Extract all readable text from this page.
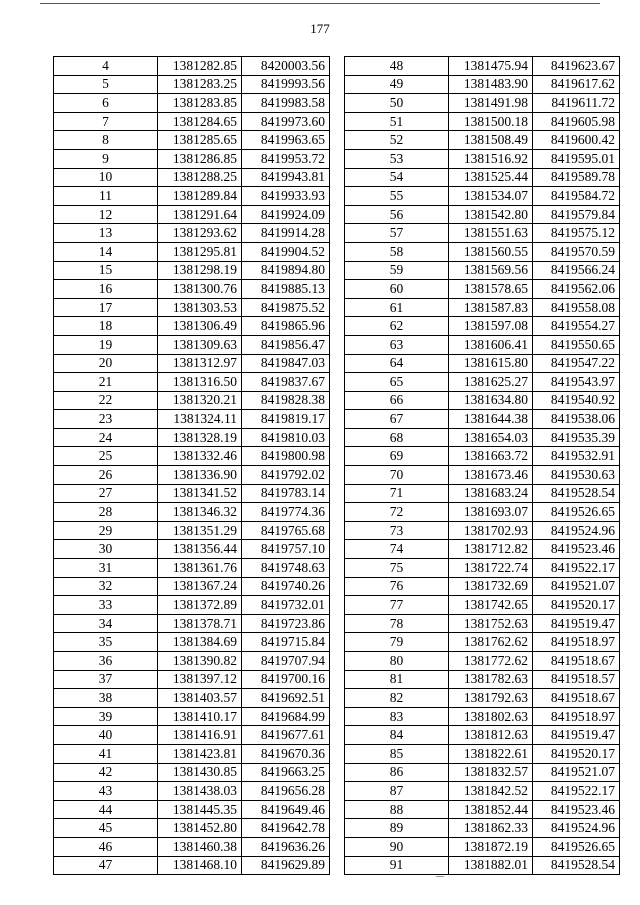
177
4	1381282.85	8420003.56
5	1381283.25	8419993.56
6	1381283.85	8419983.58
7	1381284.65	8419973.60
8	1381285.65	8419963.65
9	1381286.85	8419953.72
10	1381288.25	8419943.81
11	1381289.84	8419933.93
12	1381291.64	8419924.09
13	1381293.62	8419914.28
14	1381295.81	8419904.52
15	1381298.19	8419894.80
16	1381300.76	8419885.13
17	1381303.53	8419875.52
18	1381306.49	8419865.96
19	1381309.63	8419856.47
20	1381312.97	8419847.03
21	1381316.50	8419837.67
22	1381320.21	8419828.38
23	1381324.11	8419819.17
24	1381328.19	8419810.03
25	1381332.46	8419800.98
26	1381336.90	8419792.02
27	1381341.52	8419783.14
28	1381346.32	8419774.36
29	1381351.29	8419765.68
30	1381356.44	8419757.10
31	1381361.76	8419748.63
32	1381367.24	8419740.26
33	1381372.89	8419732.01
34	1381378.71	8419723.86
35	1381384.69	8419715.84
36	1381390.82	8419707.94
37	1381397.12	8419700.16
38	1381403.57	8419692.51
39	1381410.17	8419684.99
40	1381416.91	8419677.61
41	1381423.81	8419670.36
42	1381430.85	8419663.25
43	1381438.03	8419656.28
44	1381445.35	8419649.46
45	1381452.80	8419642.78
46	1381460.38	8419636.26
47	1381468.10	8419629.89
48	1381475.94	8419623.67
49	1381483.90	8419617.62
50	1381491.98	8419611.72
51	1381500.18	8419605.98
52	1381508.49	8419600.42
53	1381516.92	8419595.01
54	1381525.44	8419589.78
55	1381534.07	8419584.72
56	1381542.80	8419579.84
57	1381551.63	8419575.12
58	1381560.55	8419570.59
59	1381569.56	8419566.24
60	1381578.65	8419562.06
61	1381587.83	8419558.08
62	1381597.08	8419554.27
63	1381606.41	8419550.65
64	1381615.80	8419547.22
65	1381625.27	8419543.97
66	1381634.80	8419540.92
67	1381644.38	8419538.06
68	1381654.03	8419535.39
69	1381663.72	8419532.91
70	1381673.46	8419530.63
71	1381683.24	8419528.54
72	1381693.07	8419526.65
73	1381702.93	8419524.96
74	1381712.82	8419523.46
75	1381722.74	8419522.17
76	1381732.69	8419521.07
77	1381742.65	8419520.17
78	1381752.63	8419519.47
79	1381762.62	8419518.97
80	1381772.62	8419518.67
81	1381782.63	8419518.57
82	1381792.63	8419518.67
83	1381802.63	8419518.97
84	1381812.63	8419519.47
85	1381822.61	8419520.17
86	1381832.57	8419521.07
87	1381842.52	8419522.17
88	1381852.44	8419523.46
89	1381862.33	8419524.96
90	1381872.19	8419526.65
91	1381882.01	8419528.54
